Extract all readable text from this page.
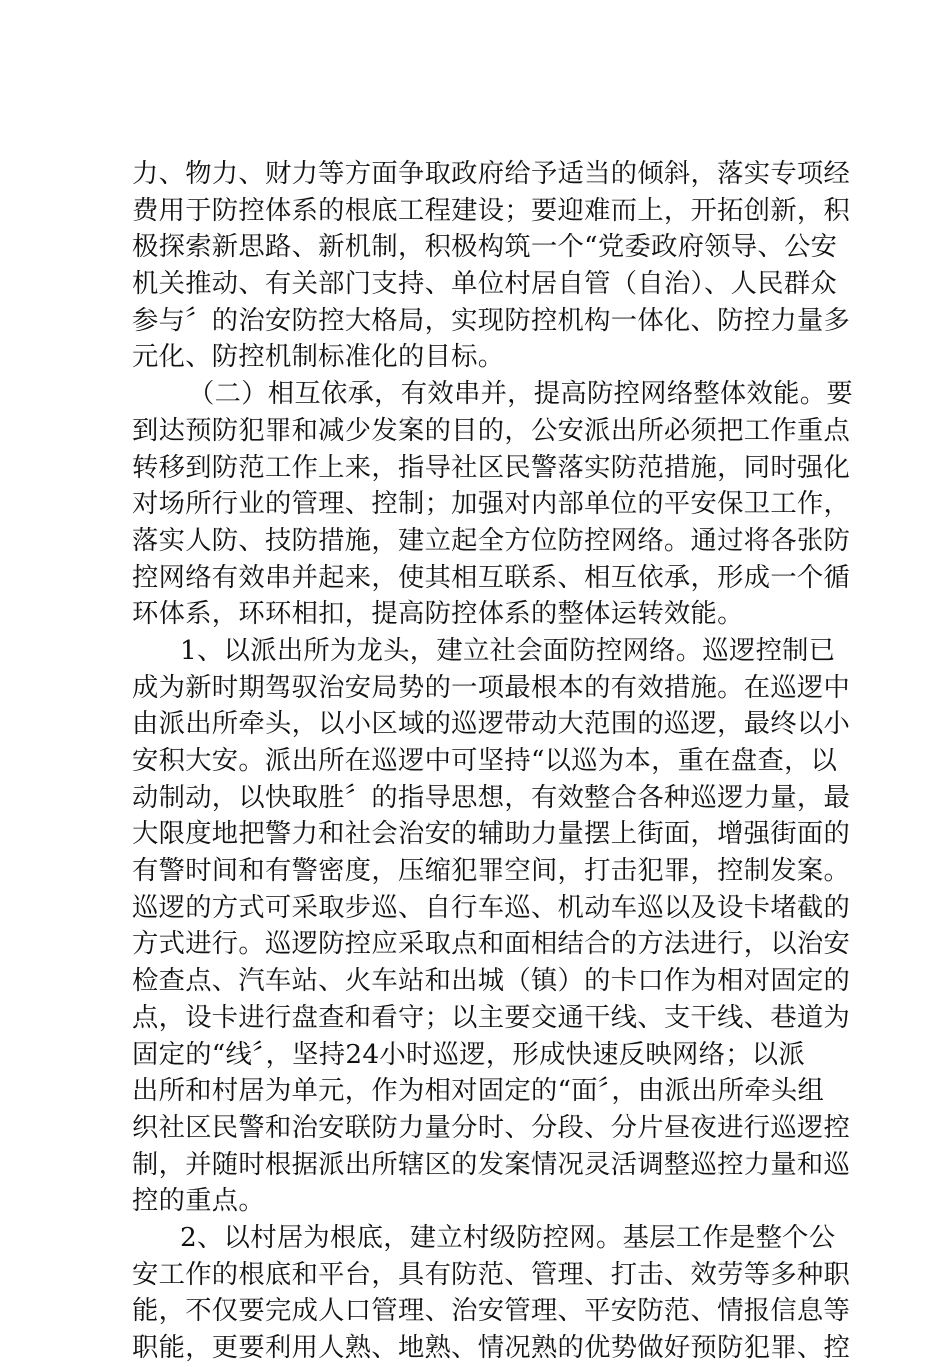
力、物力、财力等方面争取政府给予适当的倾斜，落实专项经
费用于防控体系的根底工程建设；要迎难而上，开拓创新，积
极探索新思路、新机制，积极构筑一个“党委政府领导、公安
机关推动、有关部门支持、单位村居自管（自治）、人民群众
参与〞的治安防控大格局，实现防控机构一体化、防控力量多
元化、防控机制标准化的目标。
（二）相互依承，有效串并，提高防控网络整体效能。要
到达预防犯罪和减少发案的目的，公安派出所必须把工作重点
转移到防范工作上来，指导社区民警落实防范措施，同时强化
对场所行业的管理、控制；加强对内部单位的平安保卫工作，
落实人防、技防措施，建立起全方位防控网络。通过将各张防
控网络有效串并起来，使其相互联系、相互依承，形成一个循
环体系，环环相扣，提高防控体系的整体运转效能。
1、以派出所为龙头，建立社会面防控网络。巡逻控制已
成为新时期驾驭治安局势的一项最根本的有效措施。在巡逻中
由派出所牵头，以小区域的巡逻带动大范围的巡逻，最终以小
安积大安。派出所在巡逻中可坚持“以巡为本，重在盘查，以
动制动，以快取胜〞的指导思想，有效整合各种巡逻力量，最
大限度地把警力和社会治安的辅助力量摆上街面，增强街面的
有警时间和有警密度，压缩犯罪空间，打击犯罪，控制发案。
巡逻的方式可采取步巡、自行车巡、机动车巡以及设卡堵截的
方式进行。巡逻防控应采取点和面相结合的方法进行，以治安
检查点、汽车站、火车站和出城（镇）的卡口作为相对固定的
点，设卡进行盘查和看守；以主要交通干线、支干线、巷道为
固定的“线〞，坚持24小时巡逻，形成快速反映网络；以派
出所和村居为单元，作为相对固定的“面〞，由派出所牵头组
织社区民警和治安联防力量分时、分段、分片昼夜进行巡逻控
制，并随时根据派出所辖区的发案情况灵活调整巡控力量和巡
控的重点。
2、以村居为根底，建立村级防控网。基层工作是整个公
安工作的根底和平台，具有防范、管理、打击、效劳等多种职
能，不仅要完成人口管理、治安管理、平安防范、情报信息等
职能，更要利用人熟、地熟、情况熟的优势做好预防犯罪、控
